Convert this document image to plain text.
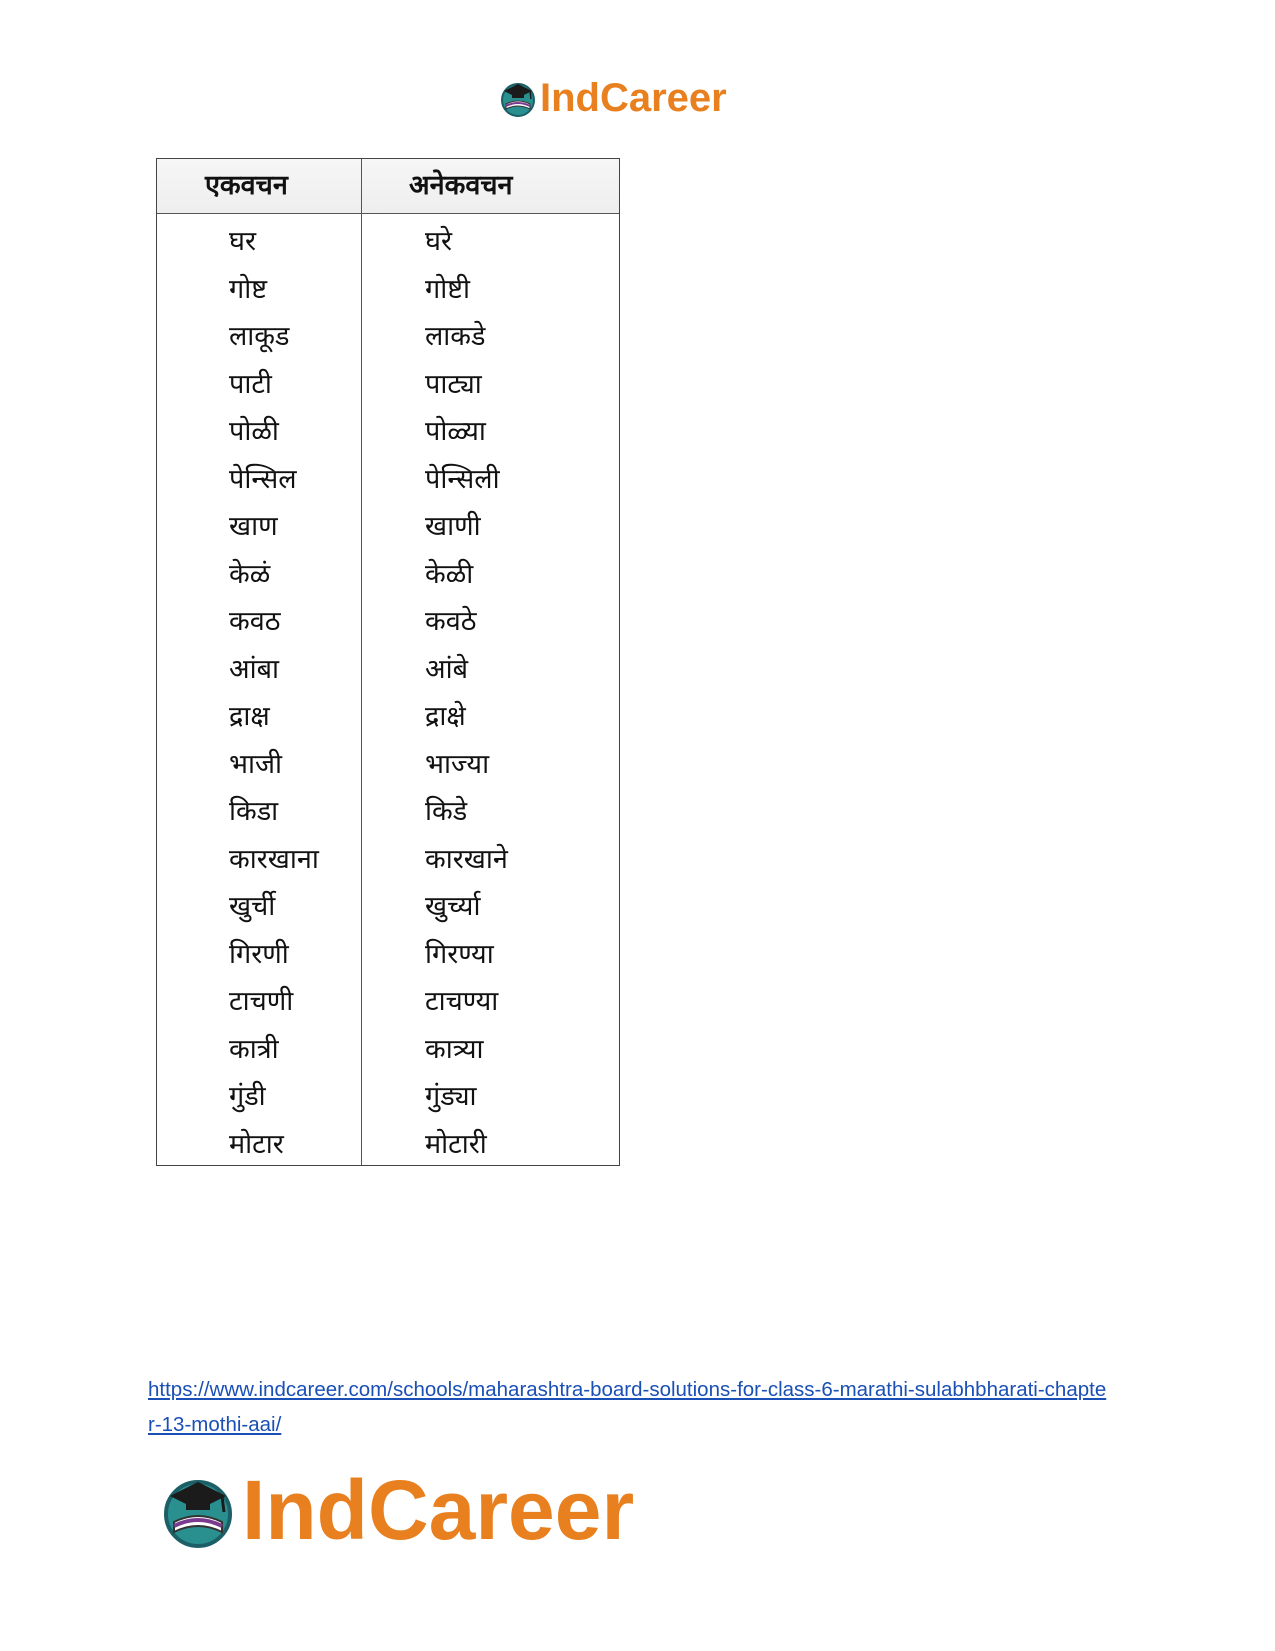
IndCareer
एकवचन	अनेकवचन
घर	घरे
गोष्ट	गोष्टी
लाकूड	लाकडे
पाटी	पाट्या
पोळी	पोळ्या
पेन्सिल	पेन्सिली
खाण	खाणी
केळं	केळी
कवठ	कवठे
आंबा	आंबे
द्राक्ष	द्राक्षे
भाजी	भाज्या
किडा	किडे
कारखाना	कारखाने
खुर्ची	खुर्च्या
गिरणी	गिरण्या
टाचणी	टाचण्या
कात्री	कात्र्या
गुंडी	गुंड्या
मोटार	मोटारी
https://www.indcareer.com/schools/maharashtra-board-solutions-for-class-6-marathi-sulabhbharati-chapter-13-mothi-aai/
IndCareer
